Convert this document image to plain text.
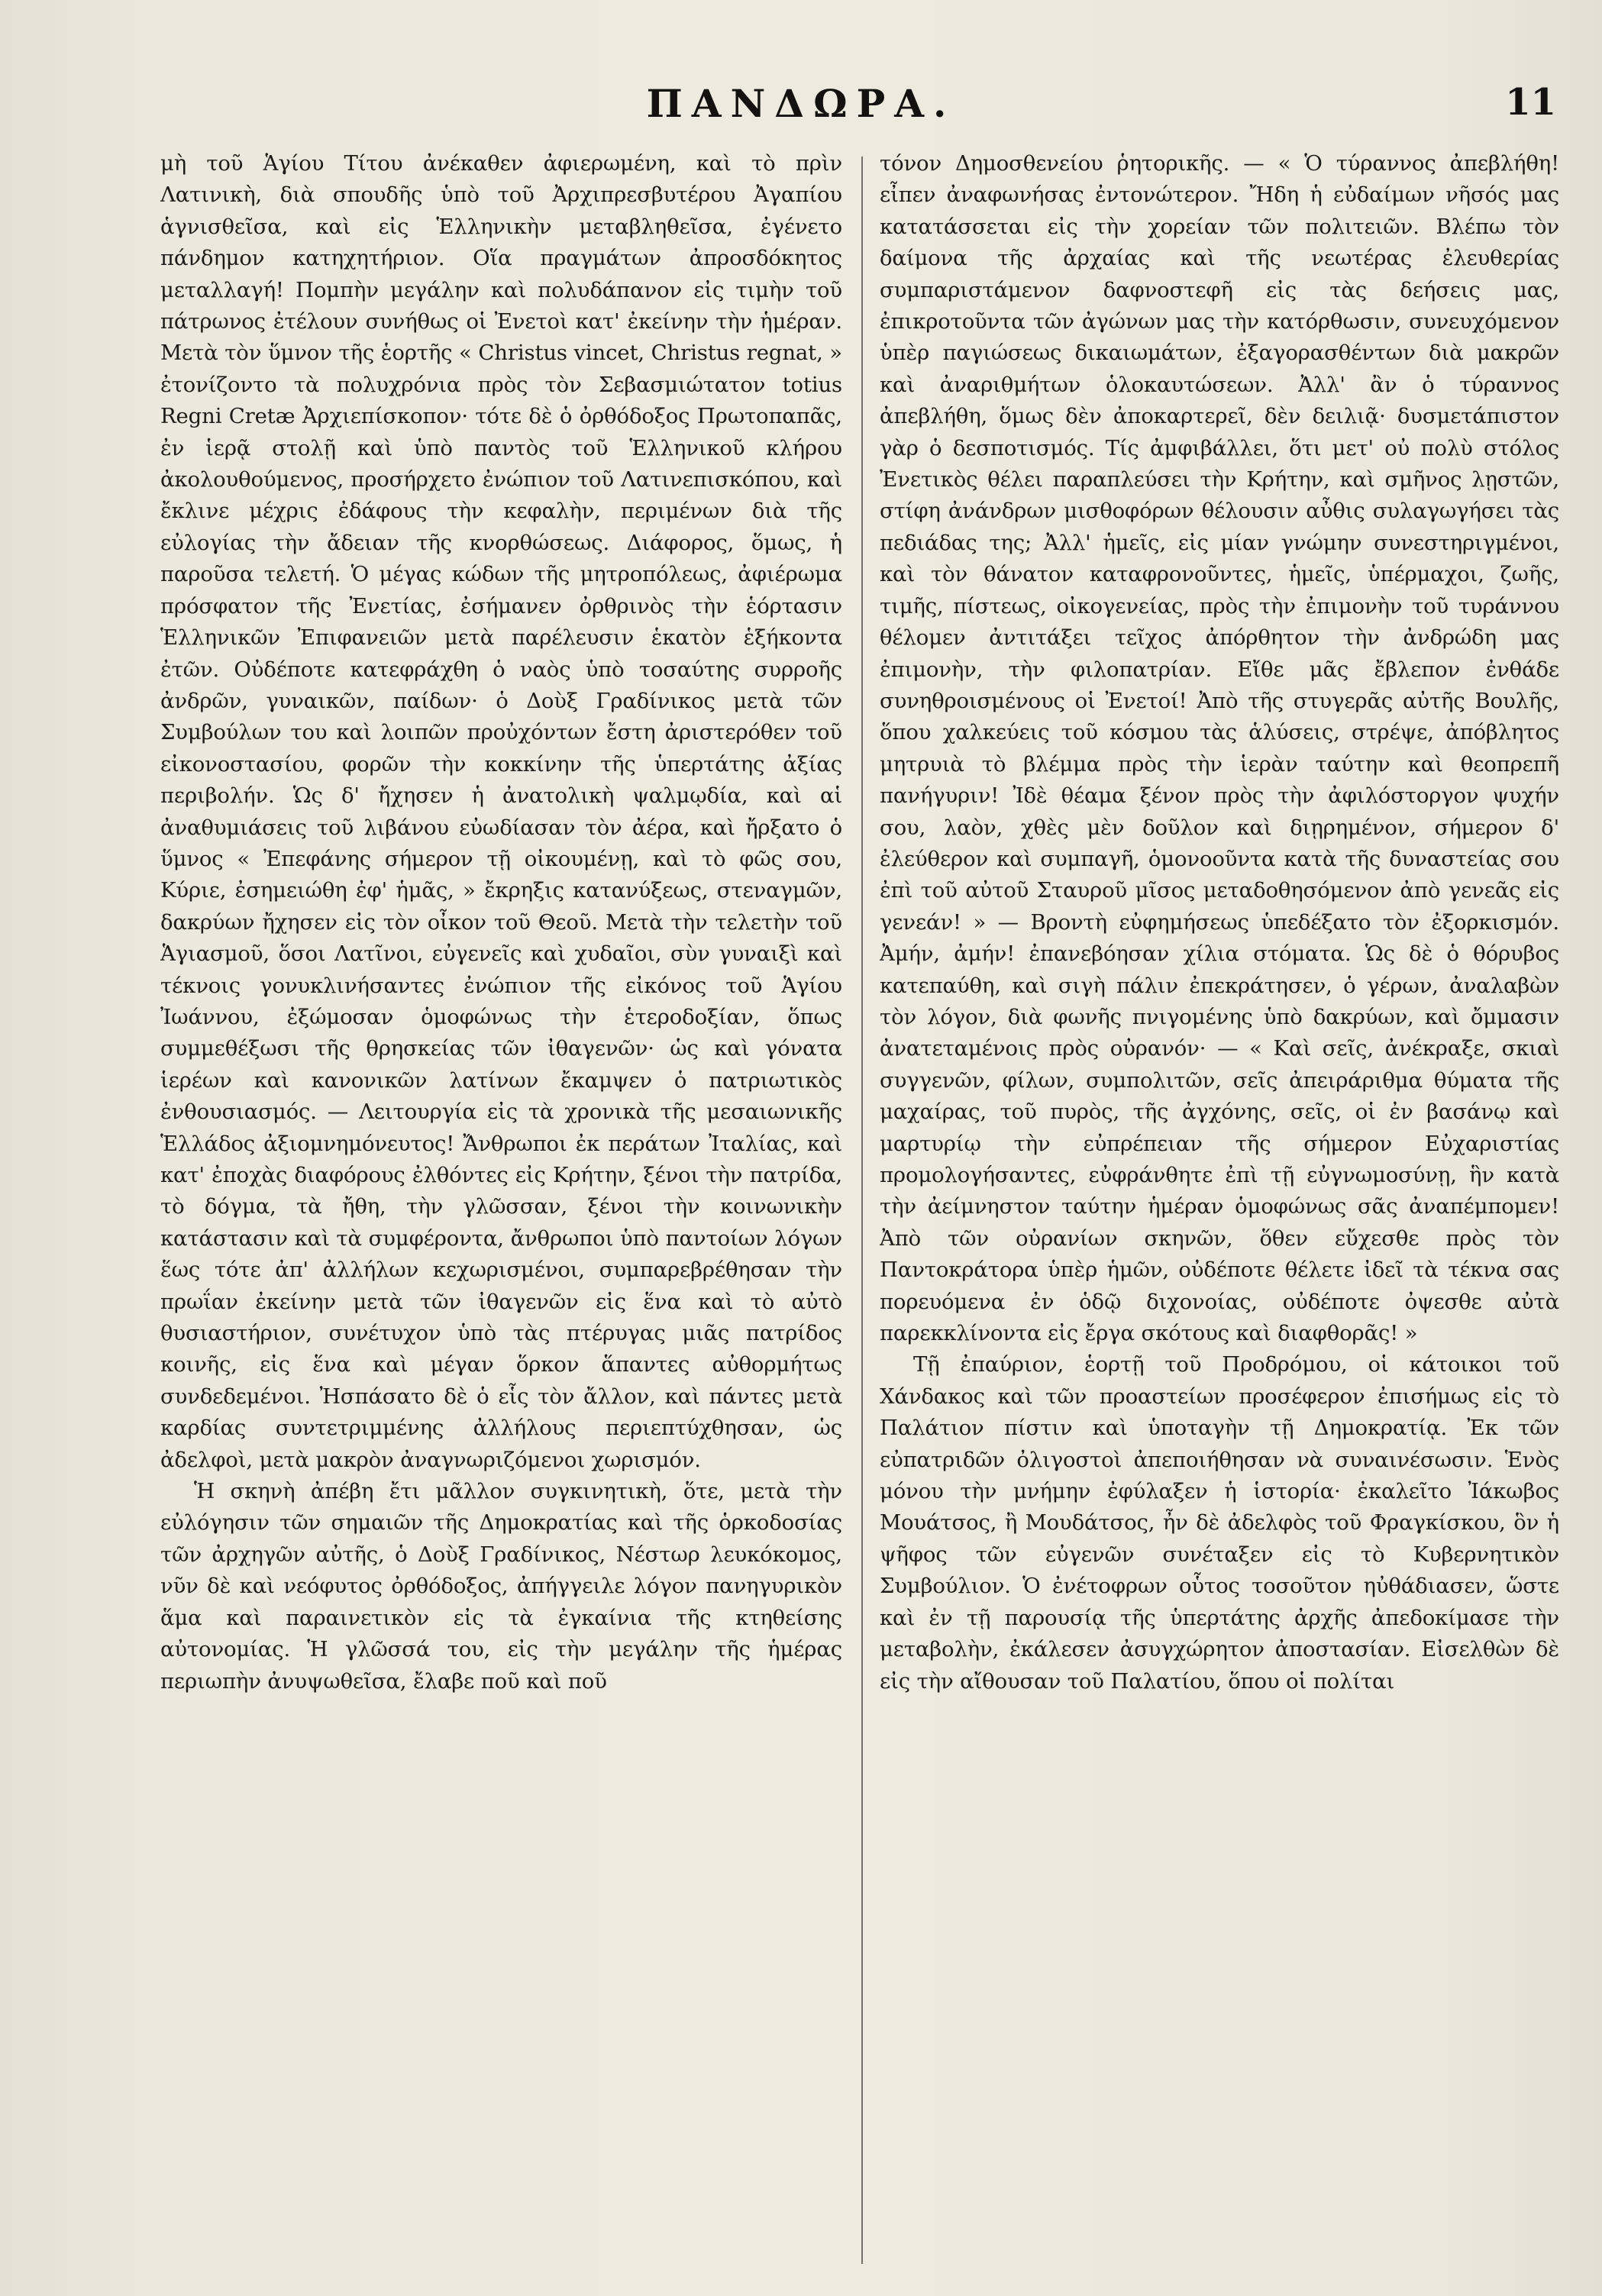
ΠΑΝΔΩΡΑ.	11

μὴ τοῦ Ἁγίου Τίτου ἀνέκαθεν ἀφιερωμένη, καὶ τὸ πρὶν Λατινικὴ, διὰ σπουδῆς ὑπὸ τοῦ Ἀρχιπρεσβυτέρου Ἀγαπίου ἁγνισθεῖσα, καὶ εἰς Ἑλληνικὴν μεταβληθεῖσα, ἐγένετο πάνδημον κατηχητήριον. Οἵα πραγμάτων ἀπροσδόκητος μεταλλαγή! Πομπὴν μεγάλην καὶ πολυδάπανον εἰς τιμὴν τοῦ πάτρωνος ἐτέλουν συνήθως οἱ Ἐνετοὶ κατ' ἐκείνην τὴν ἡμέραν. Μετὰ τὸν ὕμνον τῆς ἑορτῆς « Christus vincet, Christus regnat, » ἐτονίζοντο τὰ πολυχρόνια πρὸς τὸν Σεβασμιώτατον totius Regni Cretæ Ἀρχιεπίσκοπον· τότε δὲ ὁ ὀρθόδοξος Πρωτοπαπᾶς, ἐν ἱερᾷ στολῇ καὶ ὑπὸ παντὸς τοῦ Ἑλληνικοῦ κλήρου ἀκολουθούμενος, προσήρχετο ἐνώπιον τοῦ Λατινεπισκόπου, καὶ ἔκλινε μέχρις ἐδάφους τὴν κεφαλὴν, περιμένων διὰ τῆς εὐλογίας τὴν ἄδειαν τῆς κνορθώσεως. Διάφορος, ὅμως, ἡ παροῦσα τελετή. Ὁ μέγας κώδων τῆς μητροπόλεως, ἀφιέρωμα πρόσφατον τῆς Ἐνετίας, ἐσήμανεν ὀρθρινὸς τὴν ἑόρτασιν Ἑλληνικῶν Ἐπιφανειῶν μετὰ παρέλευσιν ἑκατὸν ἑξήκοντα ἐτῶν. Οὐδέποτε κατεφράχθη ὁ ναὸς ὑπὸ τοσαύτης συρροῆς ἀνδρῶν, γυναικῶν, παίδων· ὁ Δοὺξ Γραδίνικος μετὰ τῶν Συμβούλων του καὶ λοιπῶν προὐχόντων ἔστη ἀριστερόθεν τοῦ εἰκονοστασίου, φορῶν τὴν κοκκίνην τῆς ὑπερτάτης ἀξίας περιβολήν. Ὡς δ' ἤχησεν ἡ ἀνατολικὴ ψαλμῳδία, καὶ αἱ ἀναθυμιάσεις τοῦ λιβάνου εὐωδίασαν τὸν ἀέρα, καὶ ἤρξατο ὁ ὕμνος « Ἐπεφάνης σήμερον τῇ οἰκουμένῃ, καὶ τὸ φῶς σου, Κύριε, ἐσημειώθη ἐφ' ἡμᾶς, » ἔκρηξις κατανύξεως, στεναγμῶν, δακρύων ἤχησεν εἰς τὸν οἶκον τοῦ Θεοῦ. Μετὰ τὴν τελετὴν τοῦ Ἁγιασμοῦ, ὅσοι Λατῖνοι, εὐγενεῖς καὶ χυδαῖοι, σὺν γυναιξὶ καὶ τέκνοις γονυκλινήσαντες ἐνώπιον τῆς εἰκόνος τοῦ Ἁγίου Ἰωάννου, ἐξώμοσαν ὁμοφώνως τὴν ἑτεροδοξίαν, ὅπως συμμεθέξωσι τῆς θρησκείας τῶν ἰθαγενῶν· ὡς καὶ γόνατα ἱερέων καὶ κανονικῶν λατίνων ἔκαμψεν ὁ πατριωτικὸς ἐνθουσιασμός. — Λειτουργία εἰς τὰ χρονικὰ τῆς μεσαιωνικῆς Ἑλλάδος ἀξιομνημόνευτος! Ἄνθρωποι ἐκ περάτων Ἰταλίας, καὶ κατ' ἐποχὰς διαφόρους ἐλθόντες εἰς Κρήτην, ξένοι τὴν πατρίδα, τὸ δόγμα, τὰ ἤθη, τὴν γλῶσσαν, ξένοι τὴν κοινωνικὴν κατάστασιν καὶ τὰ συμφέροντα, ἄνθρωποι ὑπὸ παντοίων λόγων ἕως τότε ἀπ' ἀλλήλων κεχωρισμένοι, συμπαρεβρέθησαν τὴν πρωΐαν ἐκείνην μετὰ τῶν ἰθαγενῶν εἰς ἕνα καὶ τὸ αὐτὸ θυσιαστήριον, συνέτυχον ὑπὸ τὰς πτέρυγας μιᾶς πατρίδος κοινῆς, εἰς ἕνα καὶ μέγαν ὅρκον ἅπαντες αὐθορμήτως συνδεδεμένοι. Ἠσπάσατο δὲ ὁ εἷς τὸν ἄλλον, καὶ πάντες μετὰ καρδίας συντετριμμένης ἀλλήλους περιεπτύχθησαν, ὡς ἀδελφοὶ, μετὰ μακρὸν ἀναγνωριζόμενοι χωρισμόν.

Ἡ σκηνὴ ἀπέβη ἔτι μᾶλλον συγκινητικὴ, ὅτε, μετὰ τὴν εὐλόγησιν τῶν σημαιῶν τῆς Δημοκρατίας καὶ τῆς ὁρκοδοσίας τῶν ἀρχηγῶν αὐτῆς, ὁ Δοὺξ Γραδίνικος, Νέστωρ λευκόκομος, νῦν δὲ καὶ νεόφυτος ὀρθόδοξος, ἀπήγγειλε λόγον πανηγυρικὸν ἅμα καὶ παραινετικὸν εἰς τὰ ἐγκαίνια τῆς κτηθείσης αὐτονομίας. Ἡ γλῶσσά του, εἰς τὴν μεγάλην τῆς ἡμέρας περιωπὴν ἀνυψωθεῖσα, ἔλαβε ποῦ καὶ ποῦ

τόνον Δημοσθενείου ῥητορικῆς. — « Ὁ τύραννος ἀπεβλήθη! εἶπεν ἀναφωνήσας ἐντονώτερον. Ἤδη ἡ εὐδαίμων νῆσός μας κατατάσσεται εἰς τὴν χορείαν τῶν πολιτειῶν. Βλέπω τὸν δαίμονα τῆς ἀρχαίας καὶ τῆς νεωτέρας ἐλευθερίας συμπαριστάμενον δαφνοστεφῆ εἰς τὰς δεήσεις μας, ἐπικροτοῦντα τῶν ἀγώνων μας τὴν κατόρθωσιν, συνευχόμενον ὑπὲρ παγιώσεως δικαιωμάτων, ἐξαγορασθέντων διὰ μακρῶν καὶ ἀναριθμήτων ὁλοκαυτώσεων. Ἀλλ' ἂν ὁ τύραννος ἀπεβλήθη, ὅμως δὲν ἀποκαρτερεῖ, δὲν δειλιᾷ· δυσμετάπιστον γὰρ ὁ δεσποτισμός. Τίς ἀμφιβάλλει, ὅτι μετ' οὐ πολὺ στόλος Ἐνετικὸς θέλει παραπλεύσει τὴν Κρήτην, καὶ σμῆνος λῃστῶν, στίφη ἀνάνδρων μισθοφόρων θέλουσιν αὖθις συλαγωγήσει τὰς πεδιάδας της; Ἀλλ' ἡμεῖς, εἰς μίαν γνώμην συνεστηριγμένοι, καὶ τὸν θάνατον καταφρονοῦντες, ἡμεῖς, ὑπέρμαχοι, ζωῆς, τιμῆς, πίστεως, οἰκογενείας, πρὸς τὴν ἐπιμονὴν τοῦ τυράννου θέλομεν ἀντιτάξει τεῖχος ἀπόρθητον τὴν ἀνδρώδη μας ἐπιμονὴν, τὴν φιλοπατρίαν. Εἴθε μᾶς ἔβλεπον ἐνθάδε συνηθροισμένους οἱ Ἐνετοί! Ἀπὸ τῆς στυγερᾶς αὐτῆς Βουλῆς, ὅπου χαλκεύεις τοῦ κόσμου τὰς ἁλύσεις, στρέψε, ἀπόβλητος μητρυιὰ τὸ βλέμμα πρὸς τὴν ἱερὰν ταύτην καὶ θεοπρεπῆ πανήγυριν! Ἰδὲ θέαμα ξένον πρὸς τὴν ἀφιλόστοργον ψυχήν σου, λαὸν, χθὲς μὲν δοῦλον καὶ διῃρημένον, σήμερον δ' ἐλεύθερον καὶ συμπαγῆ, ὁμονοοῦντα κατὰ τῆς δυναστείας σου ἐπὶ τοῦ αὐτοῦ Σταυροῦ μῖσος μεταδοθησόμενον ἀπὸ γενεᾶς εἰς γενεάν! » — Βροντὴ εὐφημήσεως ὑπεδέξατο τὸν ἐξορκισμόν. Ἀμήν, ἀμήν! ἐπανεβόησαν χίλια στόματα. Ὡς δὲ ὁ θόρυβος κατεπαύθη, καὶ σιγὴ πάλιν ἐπεκράτησεν, ὁ γέρων, ἀναλαβὼν τὸν λόγον, διὰ φωνῆς πνιγομένης ὑπὸ δακρύων, καὶ ὄμμασιν ἀνατεταμένοις πρὸς οὐρανόν· — « Καὶ σεῖς, ἀνέκραξε, σκιαὶ συγγενῶν, φίλων, συμπολιτῶν, σεῖς ἀπειράριθμα θύματα τῆς μαχαίρας, τοῦ πυρὸς, τῆς ἀγχόνης, σεῖς, οἱ ἐν βασάνῳ καὶ μαρτυρίῳ τὴν εὐπρέπειαν τῆς σήμερον Εὐχαριστίας προμολογήσαντες, εὐφράνθητε ἐπὶ τῇ εὐγνωμοσύνῃ, ἣν κατὰ τὴν ἀείμνηστον ταύτην ἡμέραν ὁμοφώνως σᾶς ἀναπέμπομεν! Ἀπὸ τῶν οὐρανίων σκηνῶν, ὅθεν εὔχεσθε πρὸς τὸν Παντοκράτορα ὑπὲρ ἡμῶν, οὐδέποτε θέλετε ἰδεῖ τὰ τέκνα σας πορευόμενα ἐν ὁδῷ διχονοίας, οὐδέποτε ὀψεσθε αὐτὰ παρεκκλίνοντα εἰς ἔργα σκότους καὶ διαφθορᾶς! »

Τῇ ἐπαύριον, ἑορτῇ τοῦ Προδρόμου, οἱ κάτοικοι τοῦ Χάνδακος καὶ τῶν προαστείων προσέφερον ἐπισήμως εἰς τὸ Παλάτιον πίστιν καὶ ὑποταγὴν τῇ Δημοκρατίᾳ. Ἐκ τῶν εὐπατριδῶν ὀλιγοστοὶ ἀπεποιήθησαν νὰ συναινέσωσιν. Ἑνὸς μόνου τὴν μνήμην ἐφύλαξεν ἡ ἱστορία· ἐκαλεῖτο Ἰάκωβος Μουάτσος, ἢ Μουδάτσος, ἦν δὲ ἀδελφὸς τοῦ Φραγκίσκου, ὃν ἡ ψῆφος τῶν εὐγενῶν συνέταξεν εἰς τὸ Κυβερνητικὸν Συμβούλιον. Ὁ ἐνέτοφρων οὗτος τοσοῦτον ηὐθάδιασεν, ὥστε καὶ ἐν τῇ παρουσίᾳ τῆς ὑπερτάτης ἀρχῆς ἀπεδοκίμασε τὴν μεταβολὴν, ἐκάλεσεν ἀσυγχώρητον ἀποστασίαν. Εἰσελθὼν δὲ εἰς τὴν αἴθουσαν τοῦ Παλατίου, ὅπου οἱ πολίται
